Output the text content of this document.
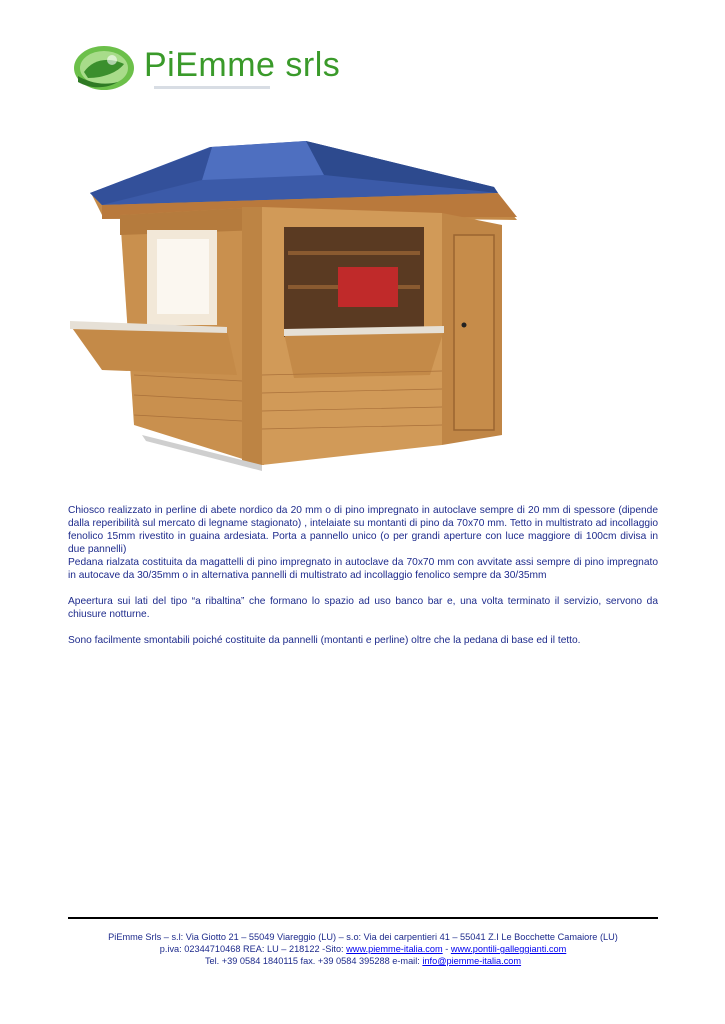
PiEmme srls

Chiosco realizzato in perline di abete nordico da 20 mm o di pino impregnato in autoclave sempre di 20 mm di spessore (dipende dalla reperibilità sul mercato di legname stagionato) , intelaiate su montanti di pino da 70x70 mm. Tetto in multistrato ad incollaggio fenolico 15mm rivestito in guaina ardesiata. Porta a pannello unico (o per grandi aperture con luce maggiore di 100cm divisa in due pannelli)

Pedana rialzata costituita da magattelli di pino impregnato in autoclave da 70x70 mm con avvitate assi sempre di pino impregnato in autocave da 30/35mm o in alternativa pannelli di multistrato ad incollaggio fenolico sempre da 30/35mm

Apeertura sui lati del tipo “a ribaltina” che formano lo spazio ad uso banco bar e, una volta terminato il servizio, servono da chiusure notturne.

Sono facilmente smontabili poiché costituite da pannelli (montanti e perline) oltre che la pedana di base ed il tetto.

PiEmme Srls – s.l: Via Giotto 21 – 55049 Viareggio (LU) – s.o: Via dei carpentieri 41 – 55041 Z.I Le Bocchette Camaiore (LU)
p.iva: 02344710468 REA: LU – 218122 -Sito: www.piemme-italia.com - www.pontili-galleggianti.com
Tel. +39 0584 1840115 fax. +39 0584 395288 e-mail: info@piemme-italia.com
